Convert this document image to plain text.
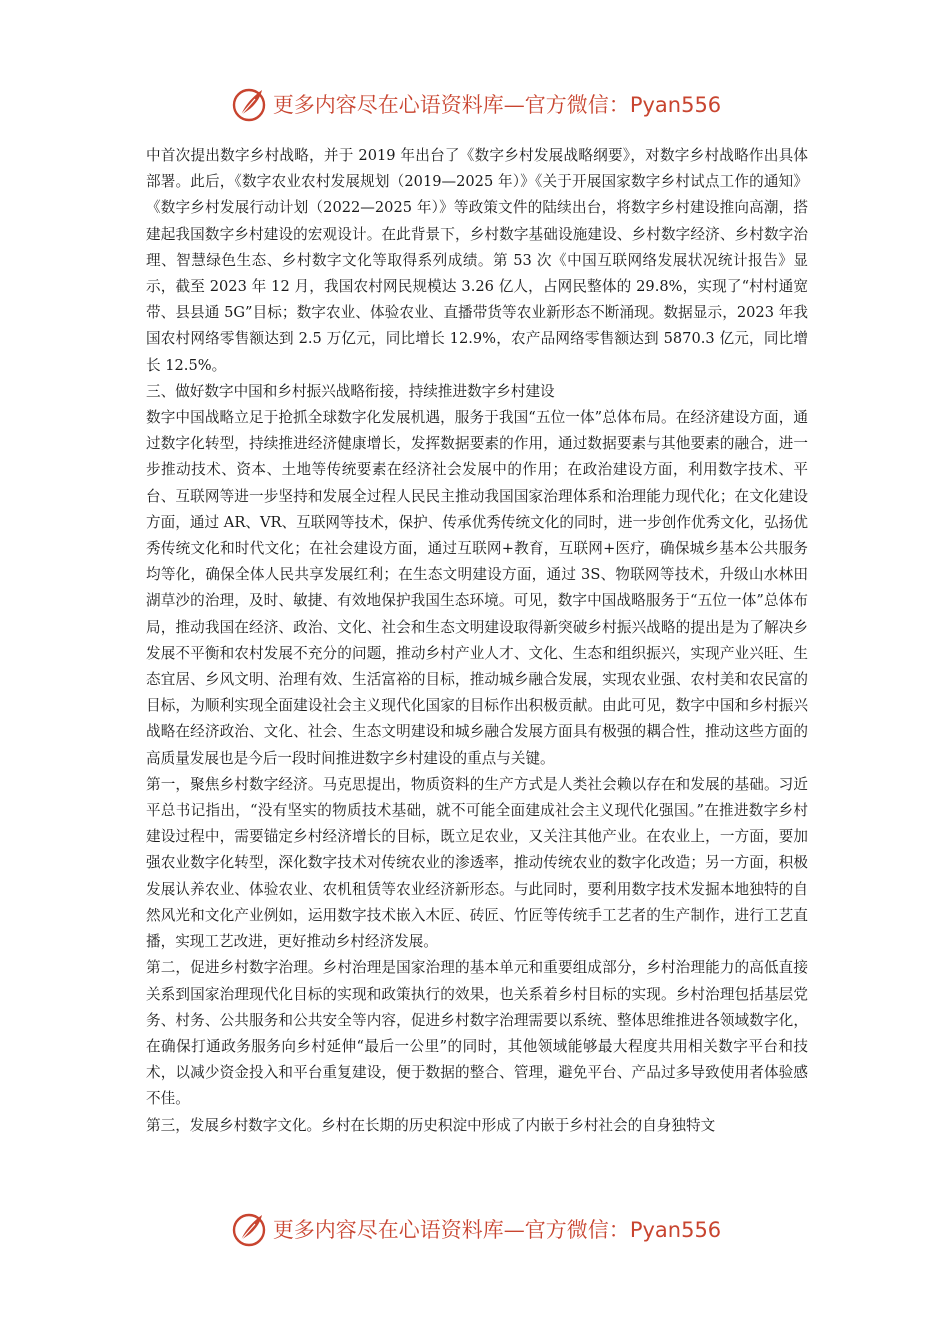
更多内容尽在心语资料库—官方微信：Pyan556

中首次提出数字乡村战略，并于 2019 年出台了《数字乡村发展战略纲要》，对数字乡村战略作出具体部署。此后，《数字农业农村发展规划（2019—2025 年）》《关于开展国家数字乡村试点工作的通知》《数字乡村发展行动计划（2022—2025 年）》等政策文件的陆续出台，将数字乡村建设推向高潮，搭建起我国数字乡村建设的宏观设计。在此背景下，乡村数字基础设施建设、乡村数字经济、乡村数字治理、智慧绿色生态、乡村数字文化等取得系列成绩。第 53 次《中国互联网络发展状况统计报告》显示，截至 2023 年 12 月，我国农村网民规模达 3.26 亿人，占网民整体的 29.8%，实现了“村村通宽带、县县通 5G”目标；数字农业、体验农业、直播带货等农业新形态不断涌现。数据显示，2023 年我国农村网络零售额达到 2.5 万亿元，同比增长 12.9%，农产品网络零售额达到 5870.3 亿元，同比增长 12.5%。

三、做好数字中国和乡村振兴战略衔接，持续推进数字乡村建设

数字中国战略立足于抢抓全球数字化发展机遇，服务于我国“五位一体”总体布局。在经济建设方面，通过数字化转型，持续推进经济健康增长，发挥数据要素的作用，通过数据要素与其他要素的融合，进一步推动技术、资本、土地等传统要素在经济社会发展中的作用；在政治建设方面，利用数字技术、平台、互联网等进一步坚持和发展全过程人民民主推动我国国家治理体系和治理能力现代化；在文化建设方面，通过 AR、VR、互联网等技术，保护、传承优秀传统文化的同时，进一步创作优秀文化，弘扬优秀传统文化和时代文化；在社会建设方面，通过互联网+教育，互联网+医疗，确保城乡基本公共服务均等化，确保全体人民共享发展红利；在生态文明建设方面，通过 3S、物联网等技术，升级山水林田湖草沙的治理，及时、敏捷、有效地保护我国生态环境。可见，数字中国战略服务于“五位一体”总体布局，推动我国在经济、政治、文化、社会和生态文明建设取得新突破乡村振兴战略的提出是为了解决乡发展不平衡和农村发展不充分的问题，推动乡村产业人才、文化、生态和组织振兴，实现产业兴旺、生态宜居、乡风文明、治理有效、生活富裕的目标，推动城乡融合发展，实现农业强、农村美和农民富的目标，为顺利实现全面建设社会主义现代化国家的目标作出积极贡献。由此可见，数字中国和乡村振兴战略在经济政治、文化、社会、生态文明建设和城乡融合发展方面具有极强的耦合性，推动这些方面的高质量发展也是今后一段时间推进数字乡村建设的重点与关键。

第一，聚焦乡村数字经济。马克思提出，物质资料的生产方式是人类社会赖以存在和发展的基础。习近平总书记指出，“没有坚实的物质技术基础，就不可能全面建成社会主义现代化强国。”在推进数字乡村建设过程中，需要锚定乡村经济增长的目标，既立足农业，又关注其他产业。在农业上，一方面，要加强农业数字化转型，深化数字技术对传统农业的渗透率，推动传统农业的数字化改造；另一方面，积极发展认养农业、体验农业、农机租赁等农业经济新形态。与此同时，要利用数字技术发掘本地独特的自然风光和文化产业例如，运用数字技术嵌入木匠、砖匠、竹匠等传统手工艺者的生产制作，进行工艺直播，实现工艺改进，更好推动乡村经济发展。

第二，促进乡村数字治理。乡村治理是国家治理的基本单元和重要组成部分，乡村治理能力的高低直接关系到国家治理现代化目标的实现和政策执行的效果，也关系着乡村目标的实现。乡村治理包括基层党务、村务、公共服务和公共安全等内容，促进乡村数字治理需要以系统、整体思维推进各领域数字化，在确保打通政务服务向乡村延伸“最后一公里”的同时，其他领域能够最大程度共用相关数字平台和技术，以减少资金投入和平台重复建设，便于数据的整合、管理，避免平台、产品过多导致使用者体验感不佳。

第三，发展乡村数字文化。乡村在长期的历史积淀中形成了内嵌于乡村社会的自身独特文

更多内容尽在心语资料库—官方微信：Pyan556
